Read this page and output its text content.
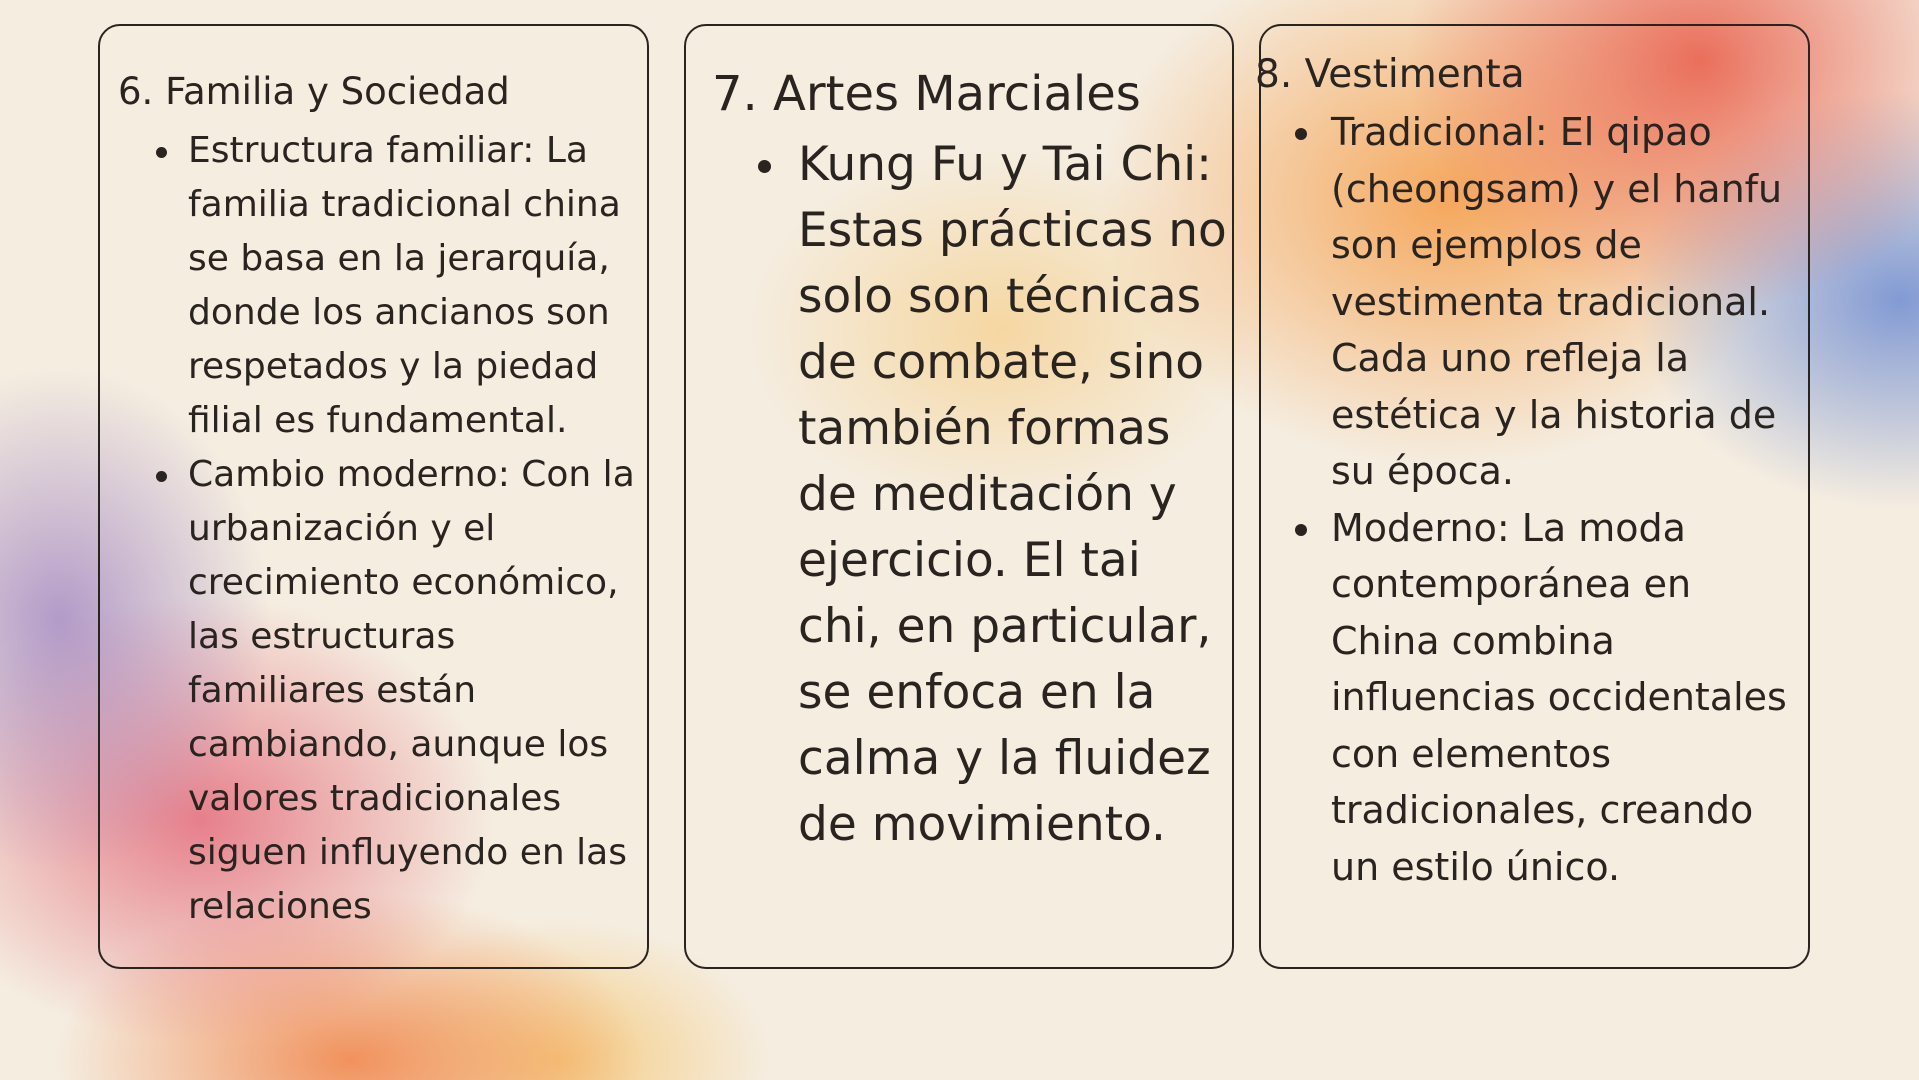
6. Familia y Sociedad
Estructura familiar: La familia tradicional china se basa en la jerarquía, donde los ancianos son respetados y la piedad filial es fundamental.
Cambio moderno: Con la urbanización y el crecimiento económico, las estructuras familiares están cambiando, aunque los valores tradicionales siguen influyendo en las relaciones
7. Artes Marciales
Kung Fu y Tai Chi: Estas prácticas no solo son técnicas de combate, sino también formas de meditación y ejercicio. El tai chi, en particular, se enfoca en la calma y la fluidez de movimiento.
8. Vestimenta
Tradicional: El qipao (cheongsam) y el hanfu son ejemplos de vestimenta tradicional. Cada uno refleja la estética y la historia de su época.
Moderno: La moda contemporánea en China combina influencias occidentales con elementos tradicionales, creando un estilo único.
